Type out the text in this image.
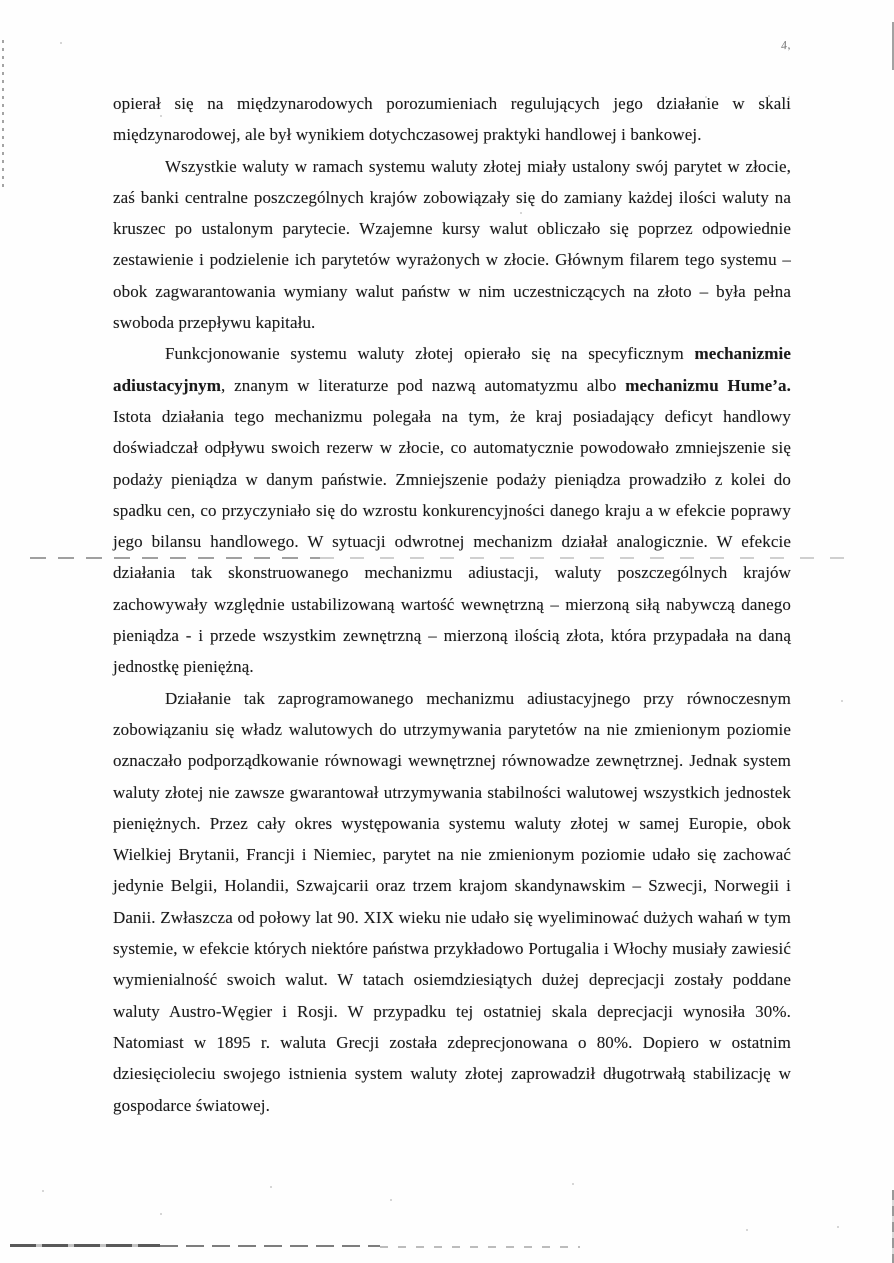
4,

opierał się na międzynarodowych porozumieniach regulujących jego działanie w skali międzynarodowej, ale był wynikiem dotychczasowej praktyki handlowej i bankowej.

Wszystkie waluty w ramach systemu waluty złotej miały ustalony swój parytet w złocie, zaś banki centralne poszczególnych krajów zobowiązały się do zamiany każdej ilości waluty na kruszec po ustalonym parytecie. Wzajemne kursy walut obliczało się poprzez odpowiednie zestawienie i podzielenie ich parytetów wyrażonych w złocie. Głównym filarem tego systemu – obok zagwarantowania wymiany walut państw w nim uczestniczących na złoto – była pełna swoboda przepływu kapitału.

Funkcjonowanie systemu waluty złotej opierało się na specyficznym mechanizmie adiustacyjnym, znanym w literaturze pod nazwą automatyzmu albo mechanizmu Hume’a. Istota działania tego mechanizmu polegała na tym, że kraj posiadający deficyt handlowy doświadczał odpływu swoich rezerw w złocie, co automatycznie powodowało zmniejszenie się podaży pieniądza w danym państwie. Zmniejszenie podaży pieniądza prowadziło z kolei do spadku cen, co przyczyniało się do wzrostu konkurencyjności danego kraju a w efekcie poprawy jego bilansu handlowego. W sytuacji odwrotnej mechanizm działał analogicznie. W efekcie działania tak skonstruowanego mechanizmu adiustacji, waluty poszczególnych krajów zachowywały względnie ustabilizowaną wartość wewnętrzną – mierzoną siłą nabywczą danego pieniądza - i przede wszystkim zewnętrzną – mierzoną ilością złota, która przypadała na daną jednostkę pieniężną.

Działanie tak zaprogramowanego mechanizmu adiustacyjnego przy równoczesnym zobowiązaniu się władz walutowych do utrzymywania parytetów na nie zmienionym poziomie oznaczało podporządkowanie równowagi wewnętrznej równowadze zewnętrznej. Jednak system waluty złotej nie zawsze gwarantował utrzymywania stabilności walutowej wszystkich jednostek pieniężnych. Przez cały okres występowania systemu waluty złotej w samej Europie, obok Wielkiej Brytanii, Francji i Niemiec, parytet na nie zmienionym poziomie udało się zachować jedynie Belgii, Holandii, Szwajcarii oraz trzem krajom skandynawskim – Szwecji, Norwegii i Danii. Zwłaszcza od połowy lat 90. XIX wieku nie udało się wyeliminować dużych wahań w tym systemie, w efekcie których niektóre państwa przykładowo Portugalia i Włochy musiały zawiesić wymienialność swoich walut. W tatach osiemdziesiątych dużej deprecjacji zostały poddane waluty Austro-Węgier i Rosji. W przypadku tej ostatniej skala deprecjacji wynosiła 30%. Natomiast w 1895 r. waluta Grecji została zdeprecjonowana o 80%. Dopiero w ostatnim dziesięcioleciu swojego istnienia system waluty złotej zaprowadził długotrwałą stabilizację w gospodarce światowej.
